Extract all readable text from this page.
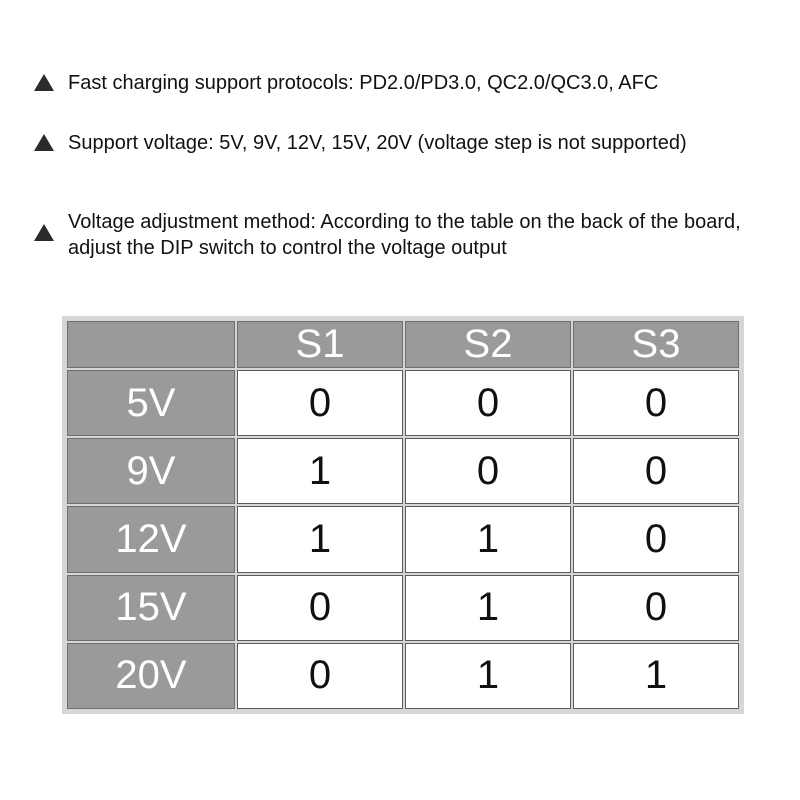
Fast charging support protocols: PD2.0/PD3.0, QC2.0/QC3.0, AFC
Support voltage: 5V, 9V, 12V, 15V, 20V (voltage step is not supported)
Voltage adjustment method: According to the table on the back of the board, adjust the DIP switch to control the voltage output
	S1	S2	S3
5V	0	0	0
9V	1	0	0
12V	1	1	0
15V	0	1	0
20V	0	1	1
